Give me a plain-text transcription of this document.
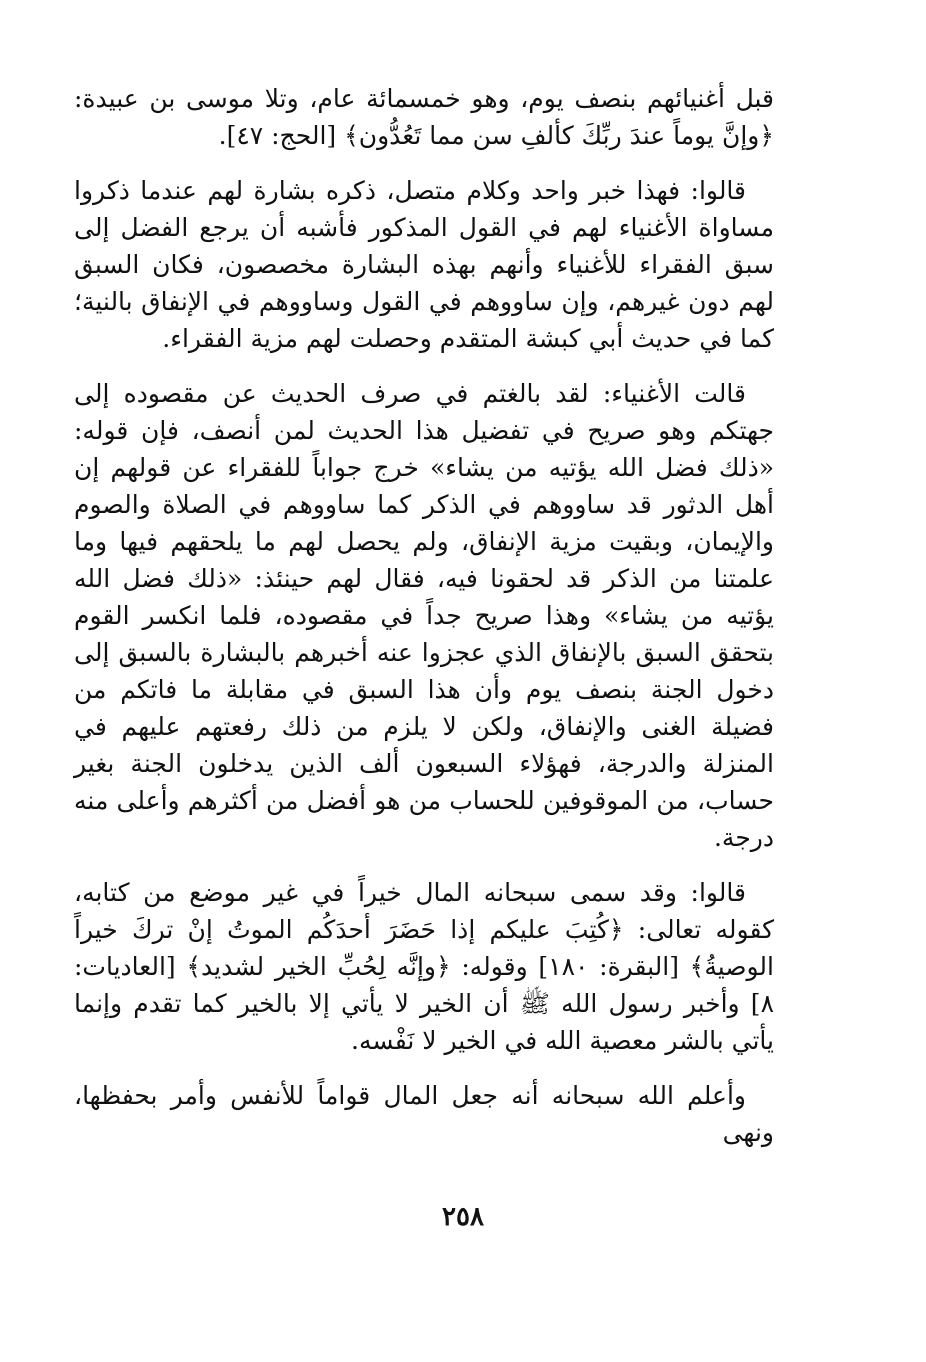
قبل أغنيائهم بنصف يوم، وهو خمسمائة عام، وتلا موسى بن عبيدة: ﴿وإنَّ يوماً عندَ ربِّكَ كألفِ سن مما تَعُدُّون﴾ [الحج: ٤٧].

قالوا: فهذا خبر واحد وكلام متصل، ذكره بشارة لهم عندما ذكروا مساواة الأغنياء لهم في القول المذكور فأشبه أن يرجع الفضل إلى سبق الفقراء للأغنياء وأنهم بهذه البشارة مخصصون، فكان السبق لهم دون غيرهم، وإن ساووهم في القول وساووهم في الإنفاق بالنية؛ كما في حديث أبي كبشة المتقدم وحصلت لهم مزية الفقراء.

قالت الأغنياء: لقد بالغتم في صرف الحديث عن مقصوده إلى جهتكم وهو صريح في تفضيل هذا الحديث لمن أنصف، فإن قوله: «ذلك فضل الله يؤتيه من يشاء» خرج جواباً للفقراء عن قولهم إن أهل الدثور قد ساووهم في الذكر كما ساووهم في الصلاة والصوم والإيمان، وبقيت مزية الإنفاق، ولم يحصل لهم ما يلحقهم فيها وما علمتنا من الذكر قد لحقونا فيه، فقال لهم حينئذ: «ذلك فضل الله يؤتيه من يشاء» وهذا صريح جداً في مقصوده، فلما انكسر القوم بتحقق السبق بالإنفاق الذي عجزوا عنه أخبرهم بالبشارة بالسبق إلى دخول الجنة بنصف يوم وأن هذا السبق في مقابلة ما فاتكم من فضيلة الغنى والإنفاق، ولكن لا يلزم من ذلك رفعتهم عليهم في المنزلة والدرجة، فهؤلاء السبعون ألف الذين يدخلون الجنة بغير حساب، من الموقوفين للحساب من هو أفضل من أكثرهم وأعلى منه درجة.

قالوا: وقد سمى سبحانه المال خيراً في غير موضع من كتابه، كقوله تعالى: ﴿كُتِبَ عليكم إذا حَضَرَ أحدَكُم الموتُ إنْ تركَ خيراً الوصيةُ﴾ [البقرة: ١٨٠] وقوله: ﴿وإنَّه لِحُبِّ الخير لشديد﴾ [العاديات: ٨] وأخبر رسول الله ﷺ أن الخير لا يأتي إلا بالخير كما تقدم وإنما يأتي بالشر معصية الله في الخير لا نَفْسه.

وأعلم الله سبحانه أنه جعل المال قواماً للأنفس وأمر بحفظها، ونهى

٢٥٨
